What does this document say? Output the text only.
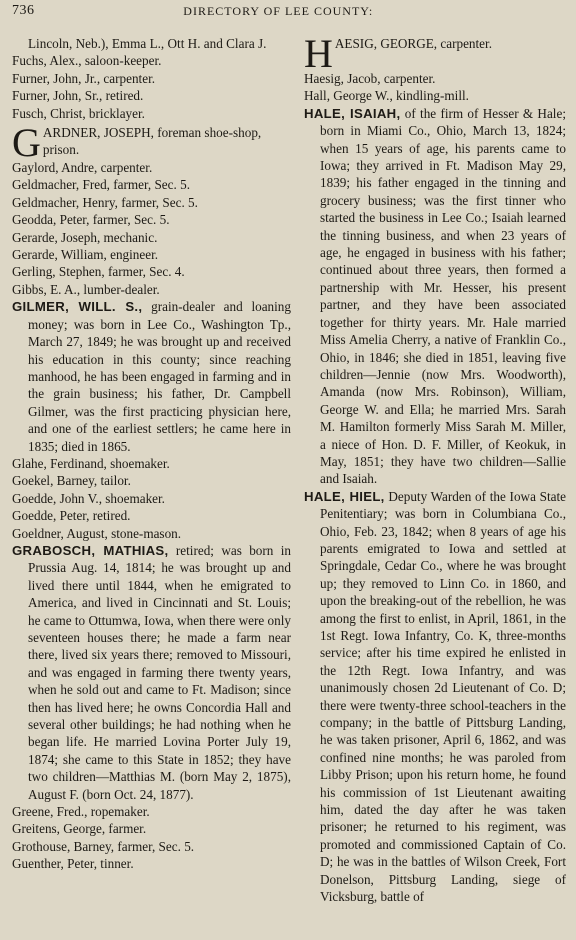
736	DIRECTORY OF LEE COUNTY:

Lincoln, Neb.), Emma L., Ott H. and Clara J.

Fuchs, Alex., saloon-keeper.

Furner, John, Jr., carpenter.

Furner, John, Sr., retired.

Fusch, Christ, bricklayer.

GARDNER, JOSEPH, foreman shoe-shop, prison.

Gaylord, Andre, carpenter.

Geldmacher, Fred, farmer, Sec. 5.

Geldmacher, Henry, farmer, Sec. 5.

Geodda, Peter, farmer, Sec. 5.

Gerarde, Joseph, mechanic.

Gerarde, William, engineer.

Gerling, Stephen, farmer, Sec. 4.

Gibbs, E. A., lumber-dealer.

GILMER, WILL. S., grain-dealer and loaning money; was born in Lee Co., Washington Tp., March 27, 1849; he was brought up and received his education in this county; since reaching manhood, he has been engaged in farming and in the grain business; his father, Dr. Campbell Gilmer, was the first practicing physician here, and one of the earliest settlers; he came here in 1835; died in 1865.

Glahe, Ferdinand, shoemaker.

Goekel, Barney, tailor.

Goedde, John V., shoemaker.

Goedde, Peter, retired.

Goeldner, August, stone-mason.

GRABOSCH, MATHIAS, retired; was born in Prussia Aug. 14, 1814; he was brought up and lived there until 1844, when he emigrated to America, and lived in Cincinnati and St. Louis; he came to Ottumwa, Iowa, when there were only seventeen houses there; he made a farm near there, lived six years there; removed to Missouri, and was engaged in farming there twenty years, when he sold out and came to Ft. Madison; since then has lived here; he owns Concordia Hall and several other buildings; he had nothing when he began life. He married Lovina Porter July 19, 1874; she came to this State in 1852; they have two children—Matthias M. (born May 2, 1875), August F. (born Oct. 24, 1877).

Greene, Fred., ropemaker.

Greitens, George, farmer.

Grothouse, Barney, farmer, Sec. 5.

Guenther, Peter, tinner.

HAESIG, GEORGE, carpenter.

Haesig, Jacob, carpenter.

Hall, George W., kindling-mill.

HALE, ISAIAH, of the firm of Hesser & Hale; born in Miami Co., Ohio, March 13, 1824; when 15 years of age, his parents came to Iowa; they arrived in Ft. Madison May 29, 1839; his father engaged in the tinning and grocery business; was the first tinner who started the business in Lee Co.; Isaiah learned the tinning business, and when 23 years of age, he engaged in business with his father; continued about three years, then formed a partnership with Mr. Hesser, his present partner, and they have been associated together for thirty years. Mr. Hale married Miss Amelia Cherry, a native of Franklin Co., Ohio, in 1846; she died in 1851, leaving five children—Jennie (now Mrs. Woodworth), Amanda (now Mrs. Robinson), William, George W. and Ella; he married Mrs. Sarah M. Hamilton formerly Miss Sarah M. Miller, a niece of Hon. D. F. Miller, of Keokuk, in May, 1851; they have two children—Sallie and Isaiah.

HALE, HIEL, Deputy Warden of the Iowa State Penitentiary; was born in Columbiana Co., Ohio, Feb. 23, 1842; when 8 years of age his parents emigrated to Iowa and settled at Springdale, Cedar Co., where he was brought up; they removed to Linn Co. in 1860, and upon the breaking-out of the rebellion, he was among the first to enlist, in April, 1861, in the 1st Regt. Iowa Infantry, Co. K, three-months service; after his time expired he enlisted in the 12th Regt. Iowa Infantry, and was unanimously chosen 2d Lieutenant of Co. D; there were twenty-three school-teachers in the company; in the battle of Pittsburg Landing, he was taken prisoner, April 6, 1862, and was confined nine months; he was paroled from Libby Prison; upon his return home, he found his commission of 1st Lieutenant awaiting him, dated the day after he was taken prisoner; he returned to his regiment, was promoted and commissioned Captain of Co. D; he was in the battles of Wilson Creek, Fort Donelson, Pittsburg Landing, siege of Vicksburg, battle of
